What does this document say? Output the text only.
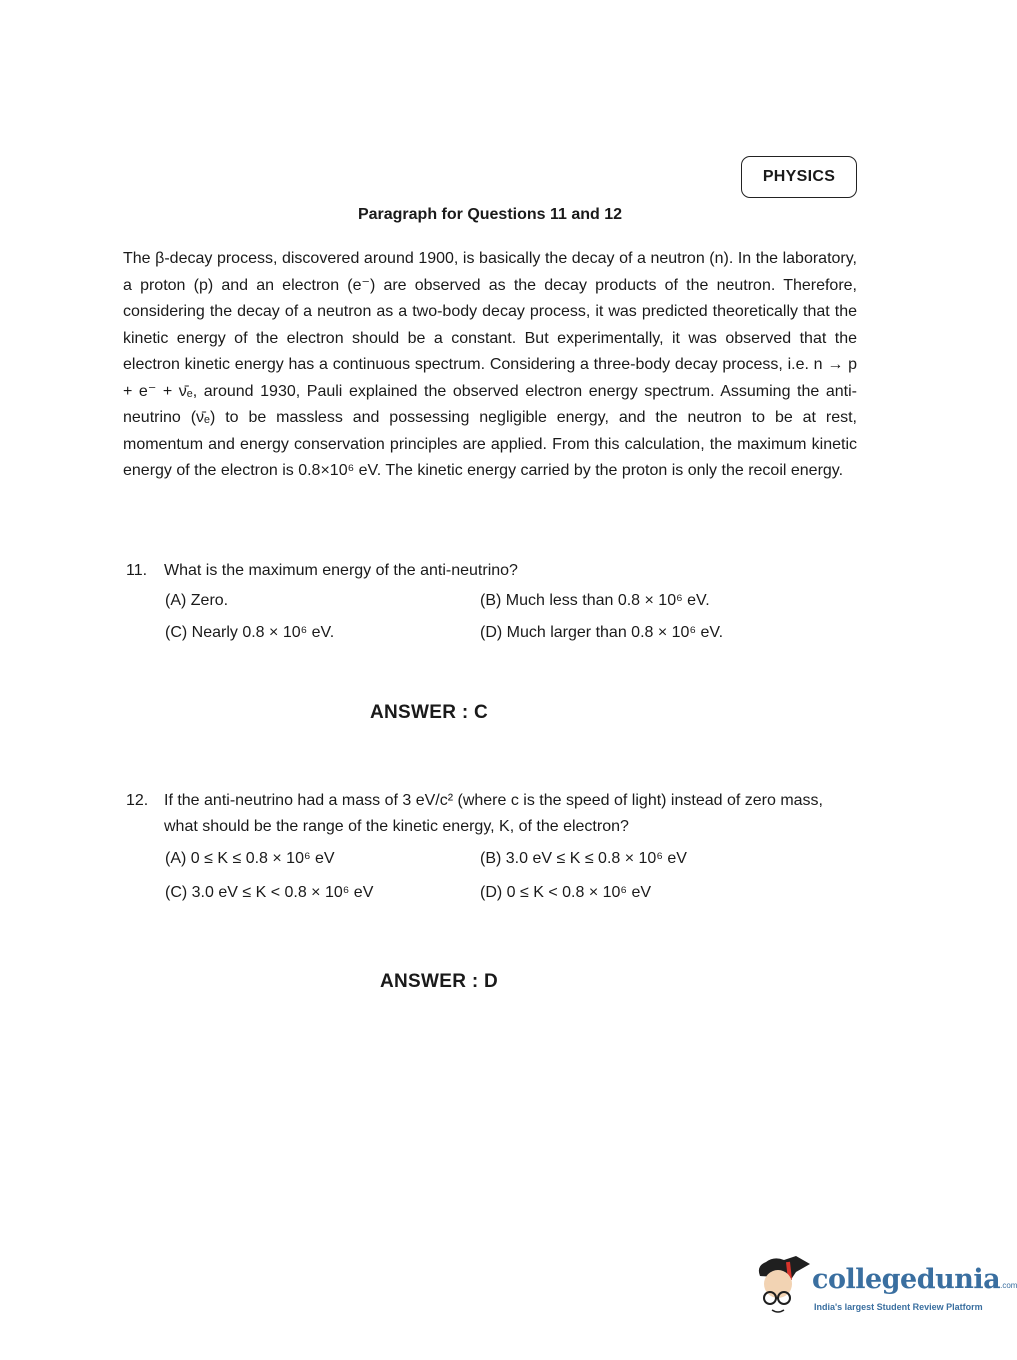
PHYSICS
Paragraph for Questions 11 and 12

The β-decay process, discovered around 1900, is basically the decay of a neutron (n). In the laboratory, a proton (p) and an electron (e⁻) are observed as the decay products of the neutron. Therefore, considering the decay of a neutron as a two-body decay process, it was predicted theoretically that the kinetic energy of the electron should be a constant. But experimentally, it was observed that the electron kinetic energy has a continuous spectrum. Considering a three-body decay process, i.e. n → p + e⁻ + ν̄ₑ, around 1930, Pauli explained the observed electron energy spectrum. Assuming the anti-neutrino (ν̄ₑ) to be massless and possessing negligible energy, and the neutron to be at rest, momentum and energy conservation principles are applied. From this calculation, the maximum kinetic energy of the electron is 0.8×10⁶ eV. The kinetic energy carried by the proton is only the recoil energy.

11. What is the maximum energy of the anti-neutrino?
(A) Zero.	(B) Much less than 0.8 × 10⁶ eV.
(C) Nearly 0.8 × 10⁶ eV.	(D) Much larger than 0.8 × 10⁶ eV.
ANSWER : C
12. If the anti-neutrino had a mass of 3 eV/c² (where c is the speed of light) instead of zero mass,
what should be the range of the kinetic energy, K, of the electron?
(A) 0 ≤ K ≤ 0.8 × 10⁶ eV	(B) 3.0 eV ≤ K ≤ 0.8 × 10⁶ eV
(C) 3.0 eV ≤ K < 0.8 × 10⁶ eV	(D) 0 ≤ K < 0.8 × 10⁶ eV
ANSWER : D
collegedunia.com
India's largest Student Review Platform
